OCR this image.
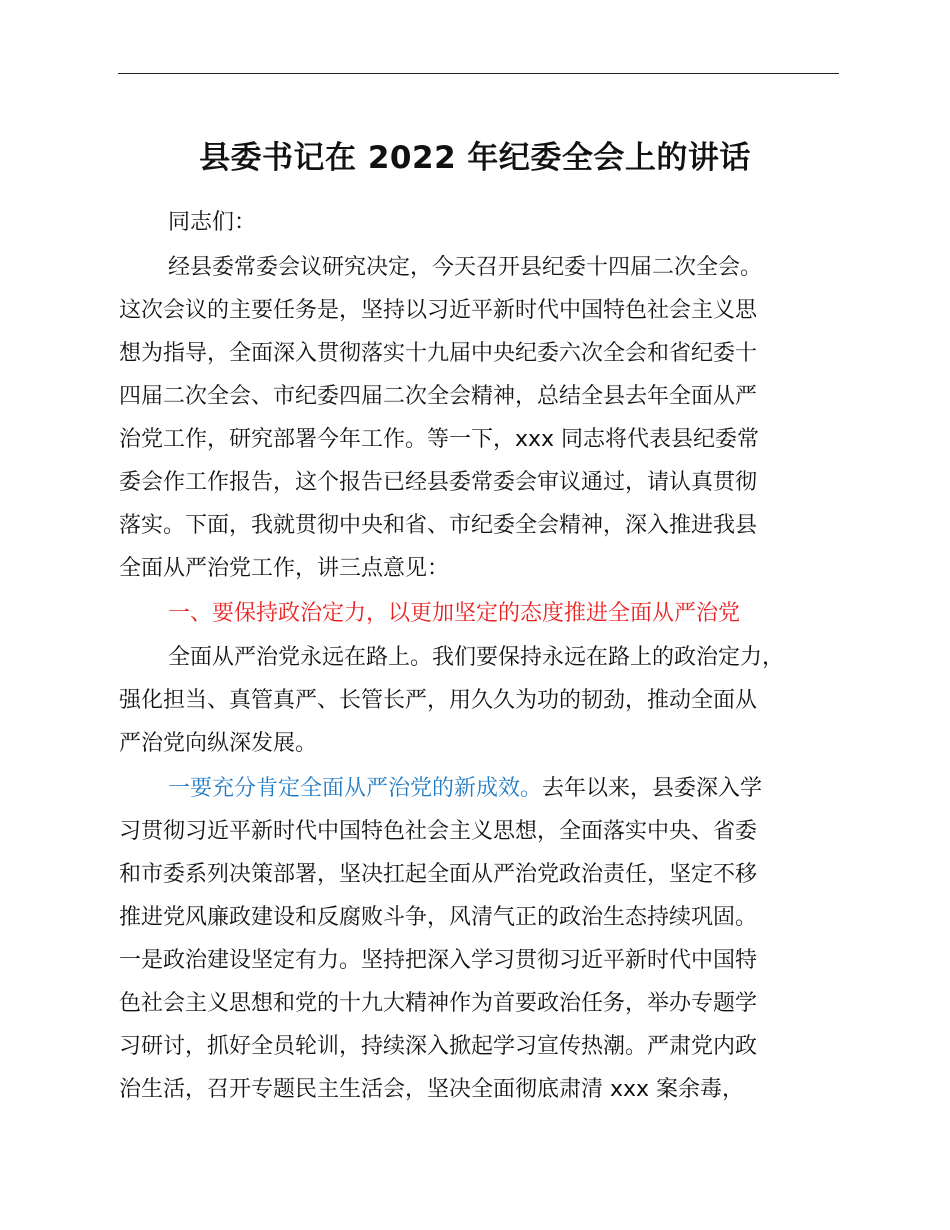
县委书记在 2022 年纪委全会上的讲话
同志们：
经县委常委会议研究决定，今天召开县纪委十四届二次全会。
这次会议的主要任务是，坚持以习近平新时代中国特色社会主义思
想为指导，全面深入贯彻落实十九届中央纪委六次全会和省纪委十
四届二次全会、市纪委四届二次全会精神，总结全县去年全面从严
治党工作，研究部署今年工作。等一下，xxx 同志将代表县纪委常
委会作工作报告，这个报告已经县委常委会审议通过，请认真贯彻
落实。下面，我就贯彻中央和省、市纪委全会精神，深入推进我县
全面从严治党工作，讲三点意见：
一、要保持政治定力，以更加坚定的态度推进全面从严治党
全面从严治党永远在路上。我们要保持永远在路上的政治定力，
强化担当、真管真严、长管长严，用久久为功的韧劲，推动全面从
严治党向纵深发展。
一要充分肯定全面从严治党的新成效。去年以来，县委深入学
习贯彻习近平新时代中国特色社会主义思想，全面落实中央、省委
和市委系列决策部署，坚决扛起全面从严治党政治责任，坚定不移
推进党风廉政建设和反腐败斗争，风清气正的政治生态持续巩固。
一是政治建设坚定有力。坚持把深入学习贯彻习近平新时代中国特
色社会主义思想和党的十九大精神作为首要政治任务，举办专题学
习研讨，抓好全员轮训，持续深入掀起学习宣传热潮。严肃党内政
治生活，召开专题民主生活会，坚决全面彻底肃清 xxx 案余毒，
